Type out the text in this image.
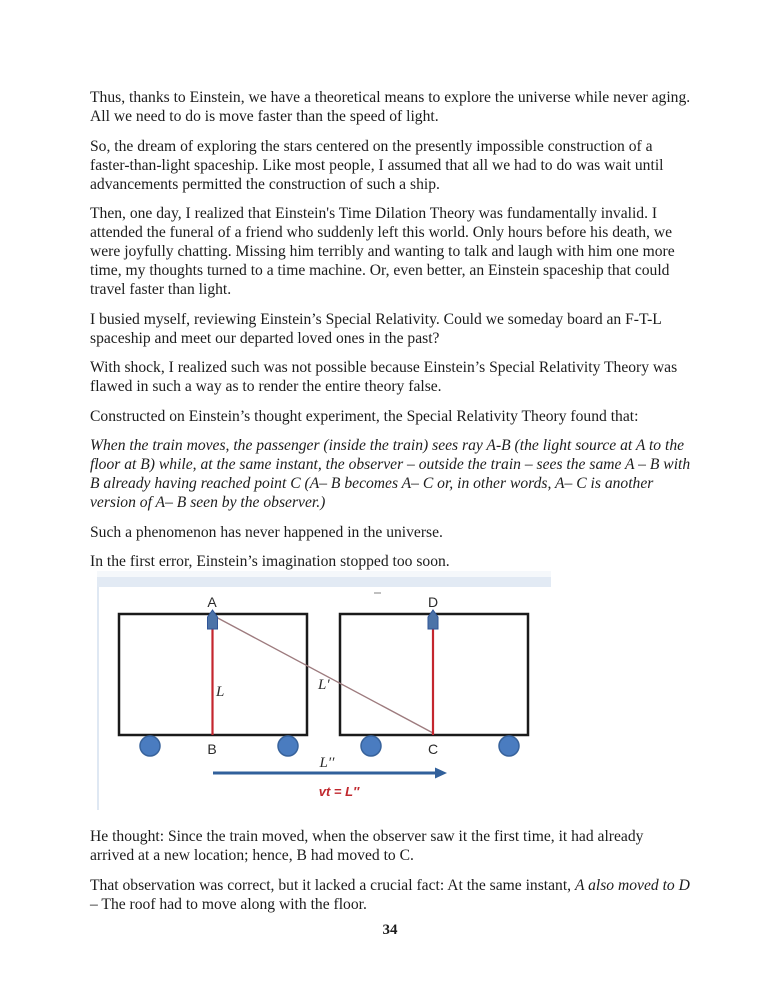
Thus, thanks to Einstein, we have a theoretical means to explore the universe while never aging. All we need to do is move faster than the speed of light.

So, the dream of exploring the stars centered on the presently impossible construction of a faster-than-light spaceship. Like most people, I assumed that all we had to do was wait until advancements permitted the construction of such a ship.

Then, one day, I realized that Einstein's Time Dilation Theory was fundamentally invalid. I attended the funeral of a friend who suddenly left this world. Only hours before his death, we were joyfully chatting. Missing him terribly and wanting to talk and laugh with him one more time, my thoughts turned to a time machine. Or, even better, an Einstein spaceship that could travel faster than light.

I busied myself, reviewing Einstein’s Special Relativity. Could we someday board an F-T-L spaceship and meet our departed loved ones in the past?

With shock, I realized such was not possible because Einstein’s Special Relativity Theory was flawed in such a way as to render the entire theory false.

Constructed on Einstein’s thought experiment, the Special Relativity Theory found that:

When the train moves, the passenger (inside the train) sees ray A-B (the light source at A to the floor at B) while, at the same instant, the observer – outside the train – sees the same A – B with B already having reached point C (A– B becomes A– C or, in other words, A– C is another version of A– B seen by the observer.)

Such a phenomenon has never happened in the universe.

In the first error, Einstein’s imagination stopped too soon.

A	D
B	C
L	L′
L′′
vt = L′′

He thought: Since the train moved, when the observer saw it the first time, it had already arrived at a new location; hence, B had moved to C.

That observation was correct, but it lacked a crucial fact: At the same instant, A also moved to D – The roof had to move along with the floor.

34
